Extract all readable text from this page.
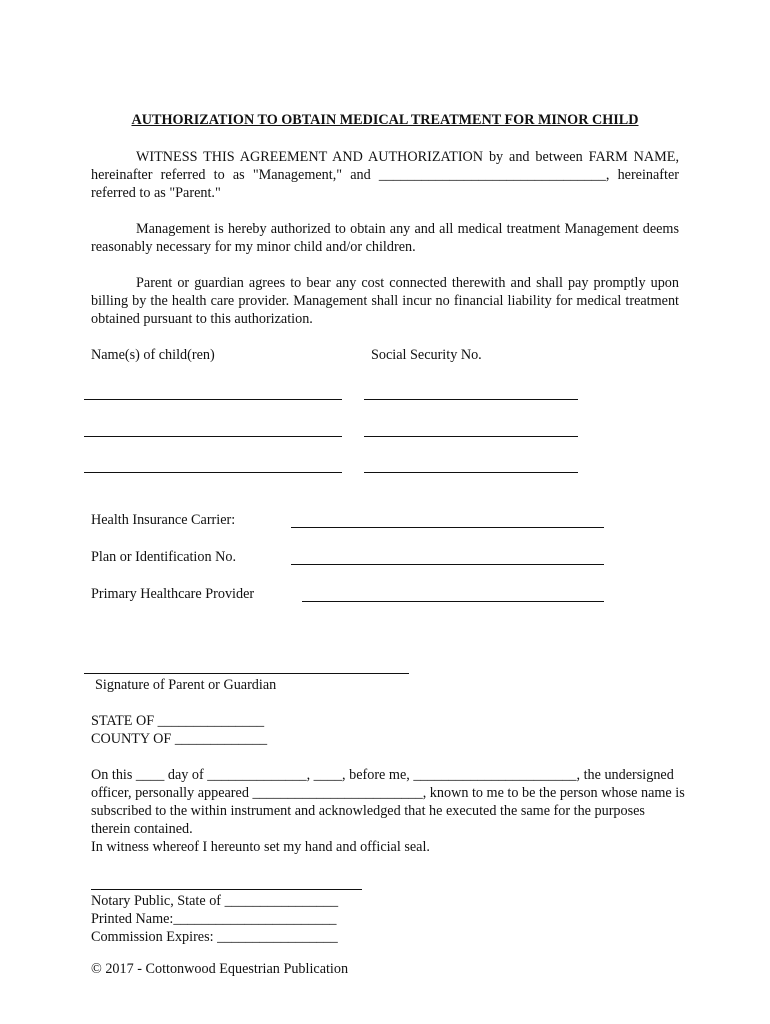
AUTHORIZATION TO OBTAIN MEDICAL TREATMENT FOR MINOR CHILD

WITNESS THIS AGREEMENT AND AUTHORIZATION by and between FARM NAME, hereinafter referred to as "Management," and ________________________________, hereinafter referred to as "Parent."

Management is hereby authorized to obtain any and all medical treatment Management deems reasonably necessary for my minor child and/or children.

Parent or guardian agrees to bear any cost connected therewith and shall pay promptly upon billing by the health care provider. Management shall incur no financial liability for medical treatment obtained pursuant to this authorization.

Name(s) of child(ren)	Social Security No.
Health Insurance Carrier:
Plan or Identification No.
Primary Healthcare Provider
Signature of Parent or Guardian
STATE OF _______________
COUNTY OF _____________

On this ____ day of ______________, ____, before me, _______________________, the undersigned officer, personally appeared ________________________, known to me to be the person whose name is subscribed to the within instrument and acknowledged that he executed the same for the purposes therein contained.

In witness whereof I hereunto set my hand and official seal.
Notary Public, State of ________________
Printed Name:_______________________
Commission Expires: _________________
© 2017 - Cottonwood Equestrian Publication
